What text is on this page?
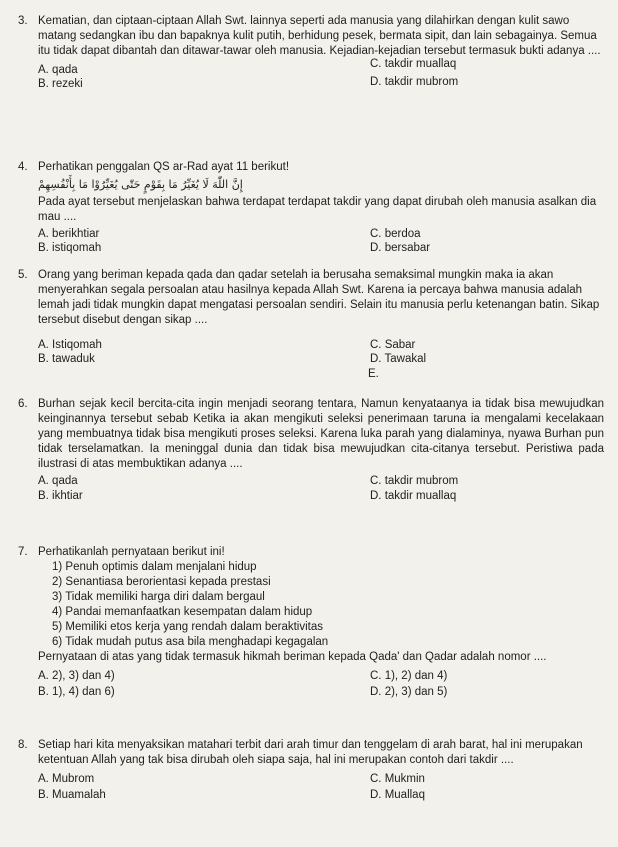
3. Kematian, dan ciptaan-ciptaan Allah Swt. lainnya seperti ada manusia yang dilahirkan dengan kulit sawo matang sedangkan ibu dan bapaknya kulit putih, berhidung pesek, bermata sipit, dan lain sebagainya. Semua itu tidak dapat dibantah dan ditawar-tawar oleh manusia. Kejadian-kejadian tersebut termasuk bukti adanya ....

A. qada
B. rezeki
C. takdir muallaq
D. takdir mubrom
4. Perhatikan penggalan QS ar-Rad ayat 11 berikut!

إِنَّ اللّٰهَ لَا يُغَيِّرُ مَا بِقَوْمٍ حَتّٰى يُغَيِّرُوْا مَا بِأَنْفُسِهِمْ

Pada ayat tersebut menjelaskan bahwa terdapat terdapat takdir yang dapat dirubah oleh manusia asalkan dia mau ....

A. berikhtiar
B. istiqomah
C. berdoa
D. bersabar
5. Orang yang beriman kepada qada dan qadar setelah ia berusaha semaksimal mungkin maka ia akan menyerahkan segala persoalan atau hasilnya kepada Allah Swt. Karena ia percaya bahwa manusia adalah lemah jadi tidak mungkin dapat mengatasi persoalan sendiri. Selain itu manusia perlu ketenangan batin. Sikap tersebut disebut dengan sikap ....

A. Istiqomah
B. tawaduk
C. Sabar
D. Tawakal
E.
6. Burhan sejak kecil bercita-cita ingin menjadi seorang tentara, Namun kenyataanya ia tidak bisa mewujudkan keinginannya tersebut sebab Ketika ia akan mengikuti seleksi penerimaan taruna ia mengalami kecelakaan yang membuatnya tidak bisa mengikuti proses seleksi. Karena luka parah yang dialaminya, nyawa Burhan pun tidak terselamatkan. Ia meninggal dunia dan tidak bisa mewujudkan cita-citanya tersebut. Peristiwa pada ilustrasi di atas membuktikan adanya ....

A. qada
B. ikhtiar
C. takdir mubrom
D. takdir muallaq
7. Perhatikanlah pernyataan berikut ini!

1) Penuh optimis dalam menjalani hidup
2) Senantiasa berorientasi kepada prestasi
3) Tidak memiliki harga diri dalam bergaul
4) Pandai memanfaatkan kesempatan dalam hidup
5) Memiliki etos kerja yang rendah dalam beraktivitas
6) Tidak mudah putus asa bila menghadapi kegagalan

Pernyataan di atas yang tidak termasuk hikmah beriman kepada Qada' dan Qadar adalah nomor ....

A. 2), 3) dan 4)
B. 1), 4) dan 6)
C. 1), 2) dan 4)
D. 2), 3) dan 5)
8. Setiap hari kita menyaksikan matahari terbit dari arah timur dan tenggelam di arah barat, hal ini merupakan ketentuan Allah yang tak bisa dirubah oleh siapa saja, hal ini merupakan contoh dari takdir ....

A. Mubrom
B. Muamalah
C. Mukmin
D. Muallaq
